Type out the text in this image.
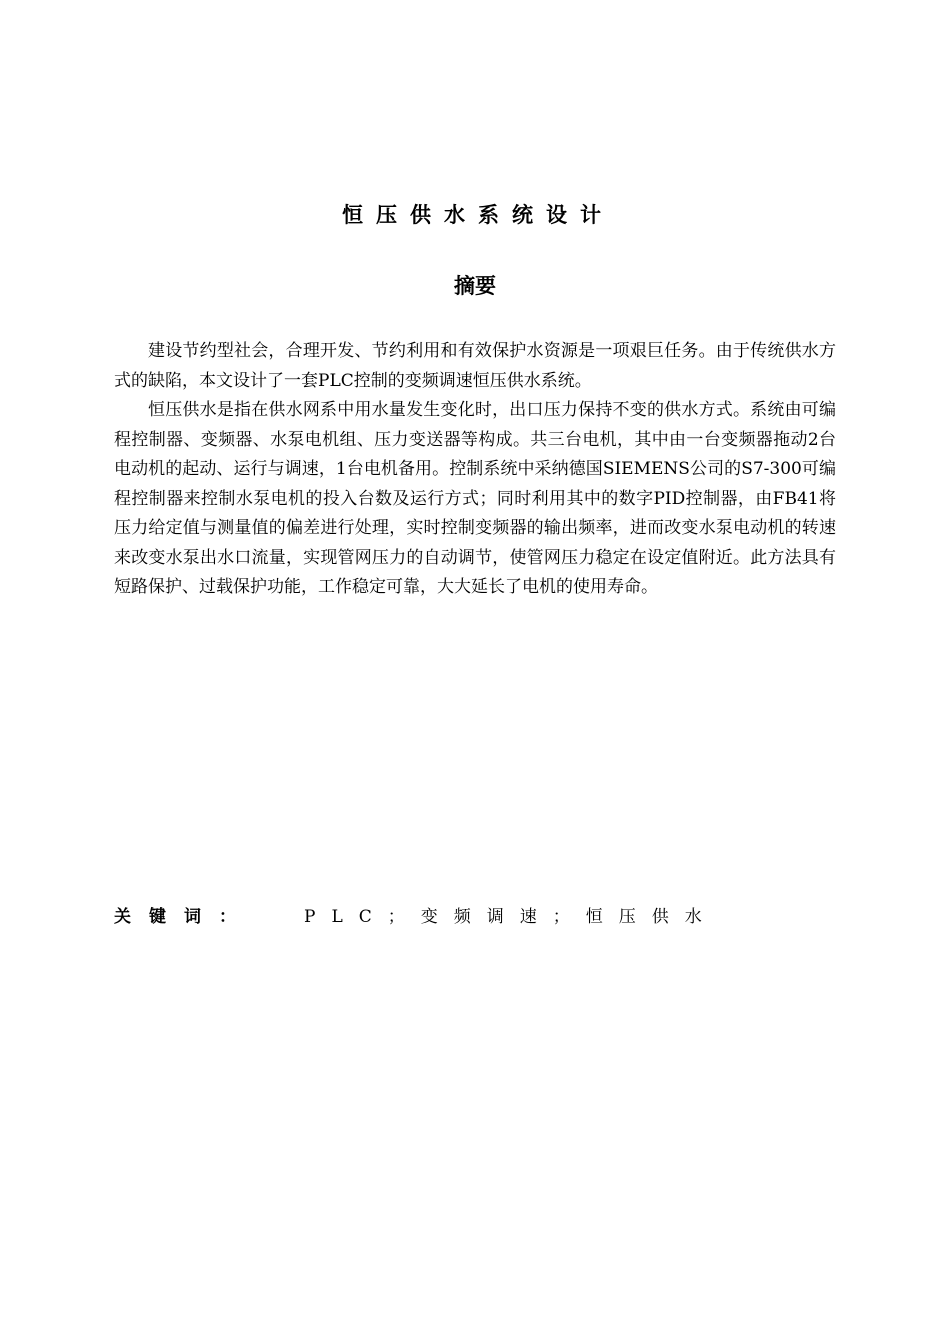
恒压供水系统设计
摘要

建设节约型社会，合理开发、节约利用和有效保护水资源是一项艰巨任务。由于传统供水方式的缺陷，本文设计了一套PLC控制的变频调速恒压供水系统。

恒压供水是指在供水网系中用水量发生变化时，出口压力保持不变的供水方式。系统由可编程控制器、变频器、水泵电机组、压力变送器等构成。共三台电机，其中由一台变频器拖动2台电动机的起动、运行与调速，1台电机备用。控制系统中采纳德国SIEMENS公司的S7-300可编程控制器来控制水泵电机的投入台数及运行方式；同时利用其中的数字PID控制器，由FB41将压力给定值与测量值的偏差进行处理，实时控制变频器的输出频率，进而改变水泵电动机的转速来改变水泵出水口流量，实现管网压力的自动调节，使管网压力稳定在设定值附近。此方法具有短路保护、过载保护功能，工作稳定可靠，大大延长了电机的使用寿命。

关键词：	PLC；变频调速；恒压供水
